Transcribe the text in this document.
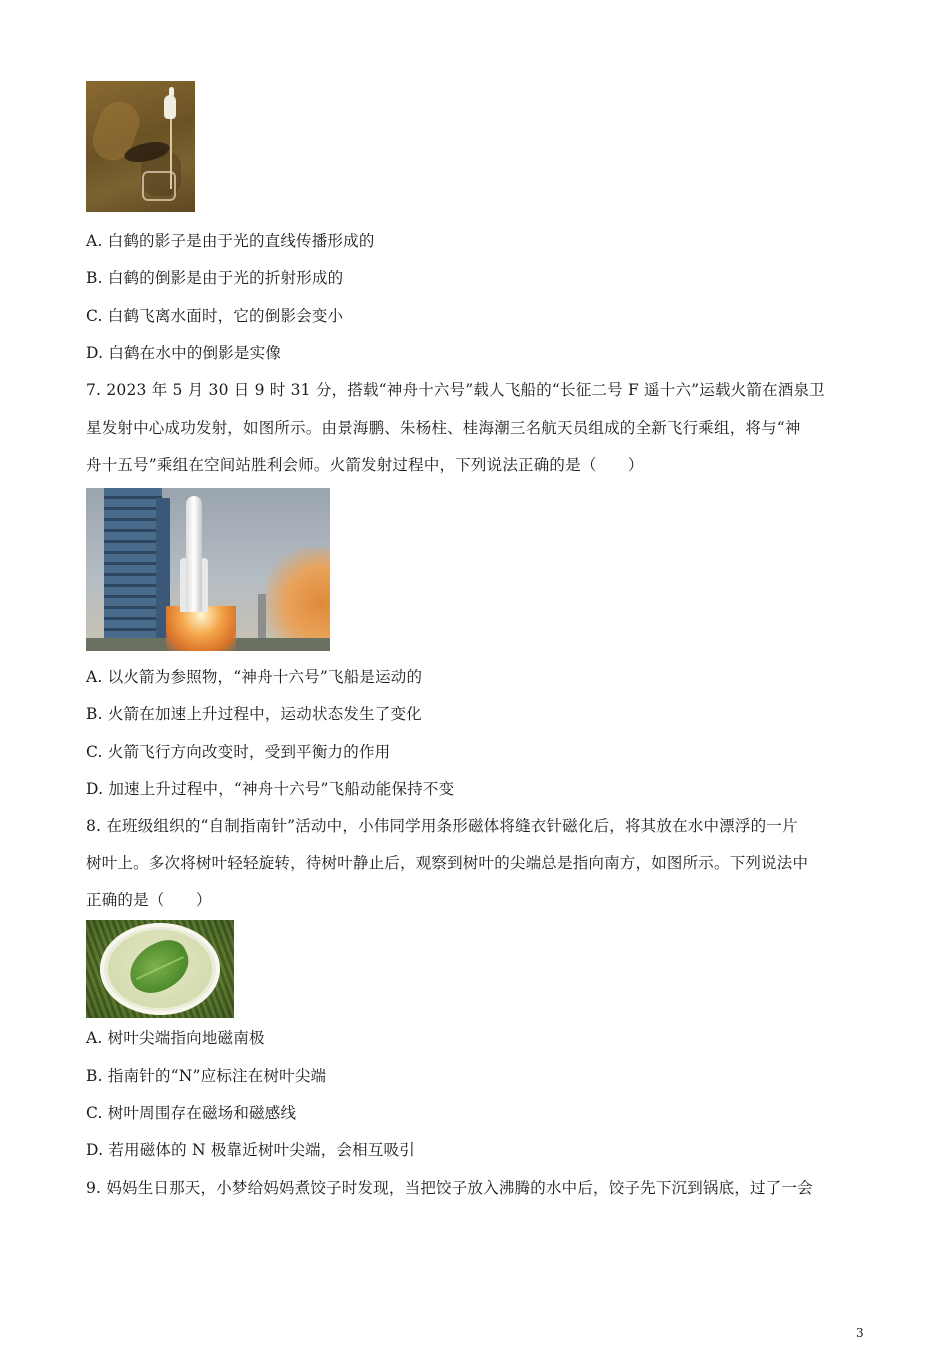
A. 白鹤的影子是由于光的直线传播形成的
B. 白鹤的倒影是由于光的折射形成的
C. 白鹤飞离水面时，它的倒影会变小
D. 白鹤在水中的倒影是实像
7. 2023 年 5 月 30 日 9 时 31 分，搭载“神舟十六号”载人飞船的“长征二号 F 遥十六”运载火箭在酒泉卫
星发射中心成功发射，如图所示。由景海鹏、朱杨柱、桂海潮三名航天员组成的全新飞行乘组，将与“神
舟十五号”乘组在空间站胜利会师。火箭发射过程中，下列说法正确的是（　　）
A. 以火箭为参照物，“神舟十六号”飞船是运动的
B. 火箭在加速上升过程中，运动状态发生了变化
C. 火箭飞行方向改变时，受到平衡力的作用
D. 加速上升过程中，“神舟十六号”飞船动能保持不变
8. 在班级组织的“自制指南针”活动中，小伟同学用条形磁体将缝衣针磁化后，将其放在水中漂浮的一片
树叶上。多次将树叶轻轻旋转，待树叶静止后，观察到树叶的尖端总是指向南方，如图所示。下列说法中
正确的是（　　）
A. 树叶尖端指向地磁南极
B. 指南针的“N”应标注在树叶尖端
C. 树叶周围存在磁场和磁感线
D. 若用磁体的 N 极靠近树叶尖端，会相互吸引
9. 妈妈生日那天，小梦给妈妈煮饺子时发现，当把饺子放入沸腾的水中后，饺子先下沉到锅底，过了一会
3
